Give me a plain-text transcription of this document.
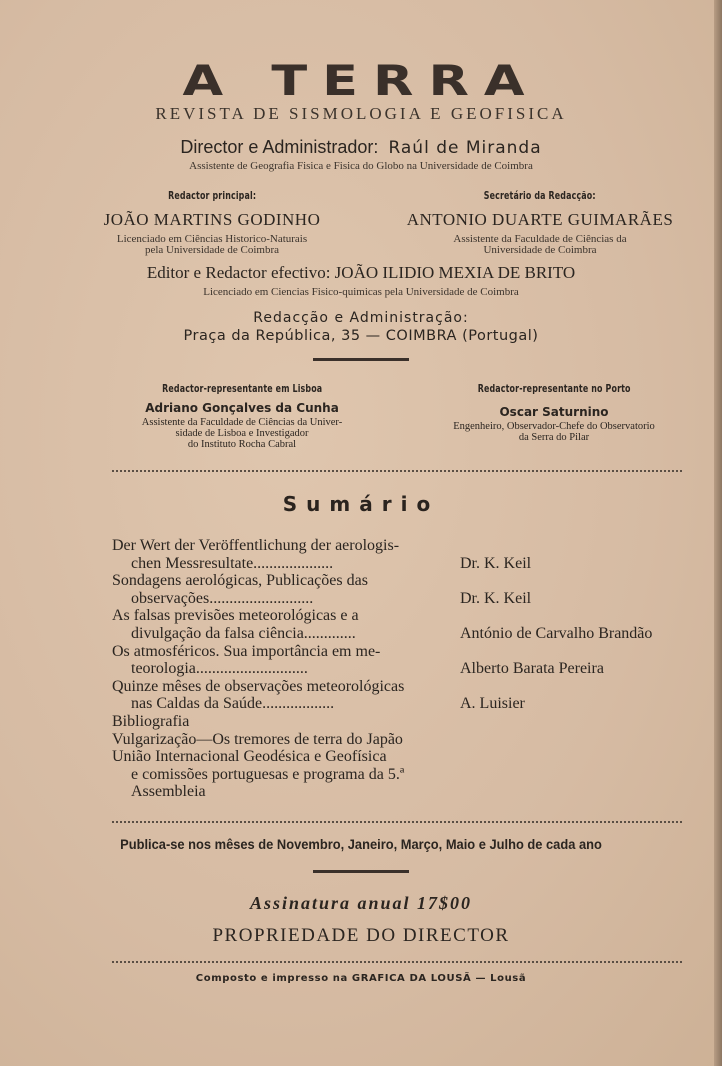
A TERRA
REVISTA DE SISMOLOGIA E GEOFISICA
Director e Administrador: Raúl de Miranda
Assistente de Geografia Fisica e Fisica do Globo na Universidade de Coimbra
Redactor principal:
JOÃO MARTINS GODINHO
Licenciado em Ciências Historico-Naturais
pela Universidade de Coimbra
Secretário da Redacção:
ANTONIO DUARTE GUIMARÃES
Assistente da Faculdade de Ciências da
Universidade de Coimbra
Editor e Redactor efectivo: JOÃO ILIDIO MEXIA DE BRITO
Licenciado em Ciencias Fisico-quimicas pela Universidade de Coimbra
Redacção e Administração:
Praça da República, 35 — COIMBRA (Portugal)
Redactor-representante em Lisboa
Adriano Gonçalves da Cunha
Assistente da Faculdade de Ciências da Univer-
sidade de Lisboa e Investigador
do Instituto Rocha Cabral
Redactor-representante no Porto
Oscar Saturnino
Engenheiro, Observador-Chefe do Observatorio
da Serra do Pilar
Sumário
Der Wert der Veröffentlichung der aerologis-
chen Messresultate....................	Dr. K. Keil
Sondagens aerológicas, Publicações das
observações..........................	Dr. K. Keil
As falsas previsões meteorológicas e a
divulgação da falsa ciência.............	António de Carvalho Brandão
Os atmosféricos. Sua importância em me-
teorologia............................	Alberto Barata Pereira
Quinze mêses de observações meteorológicas
nas Caldas da Saúde..................	A. Luisier
Bibliografia
Vulgarização—Os tremores de terra do Japão
União Internacional Geodésica e Geofísica
e comissões portuguesas e programa da 5.ª
Assembleia
Publica-se nos mêses de Novembro, Janeiro, Março, Maio e Julho de cada ano
Assinatura anual 17$00
PROPRIEDADE DO DIRECTOR
Composto e impresso na GRAFICA DA LOUSÃ — Lousã
